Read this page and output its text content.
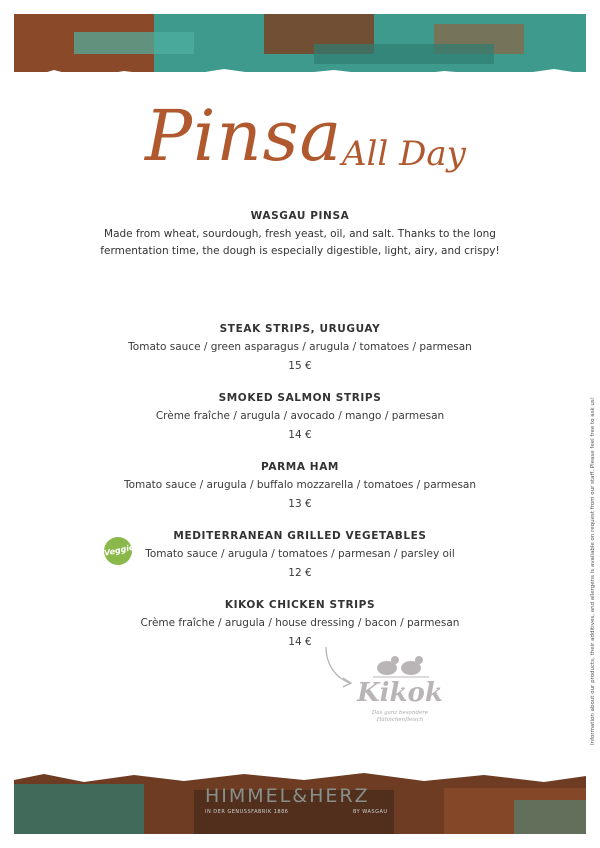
Pinsa All Day
WASGAU PINSA
Made from wheat, sourdough, fresh yeast, oil, and salt. Thanks to the long
fermentation time, the dough is especially digestible, light, airy, and crispy!
STEAK STRIPS, URUGUAY
Tomato sauce / green asparagus / arugula / tomatoes / parmesan
15 €
SMOKED SALMON STRIPS
Crème fraîche / arugula / avocado / mango / parmesan
14 €
PARMA HAM
Tomato sauce / arugula / buffalo mozzarella / tomatoes / parmesan
13 €
MEDITERRANEAN GRILLED VEGETABLES
Tomato sauce / arugula / tomatoes / parmesan / parsley oil
12 €
KIKOK CHICKEN STRIPS
Crème fraîche / arugula / house dressing / bacon / parmesan
14 €
Veggie
Kikok
Das ganz besondere
Hähnchenfleisch	Information about our products, their additives, and allergens is available on request from our staff. Please feel free to ask us!
HIMMEL&HERZ
IN DER GENUSSFABRIK 1886	BY WASGAU
